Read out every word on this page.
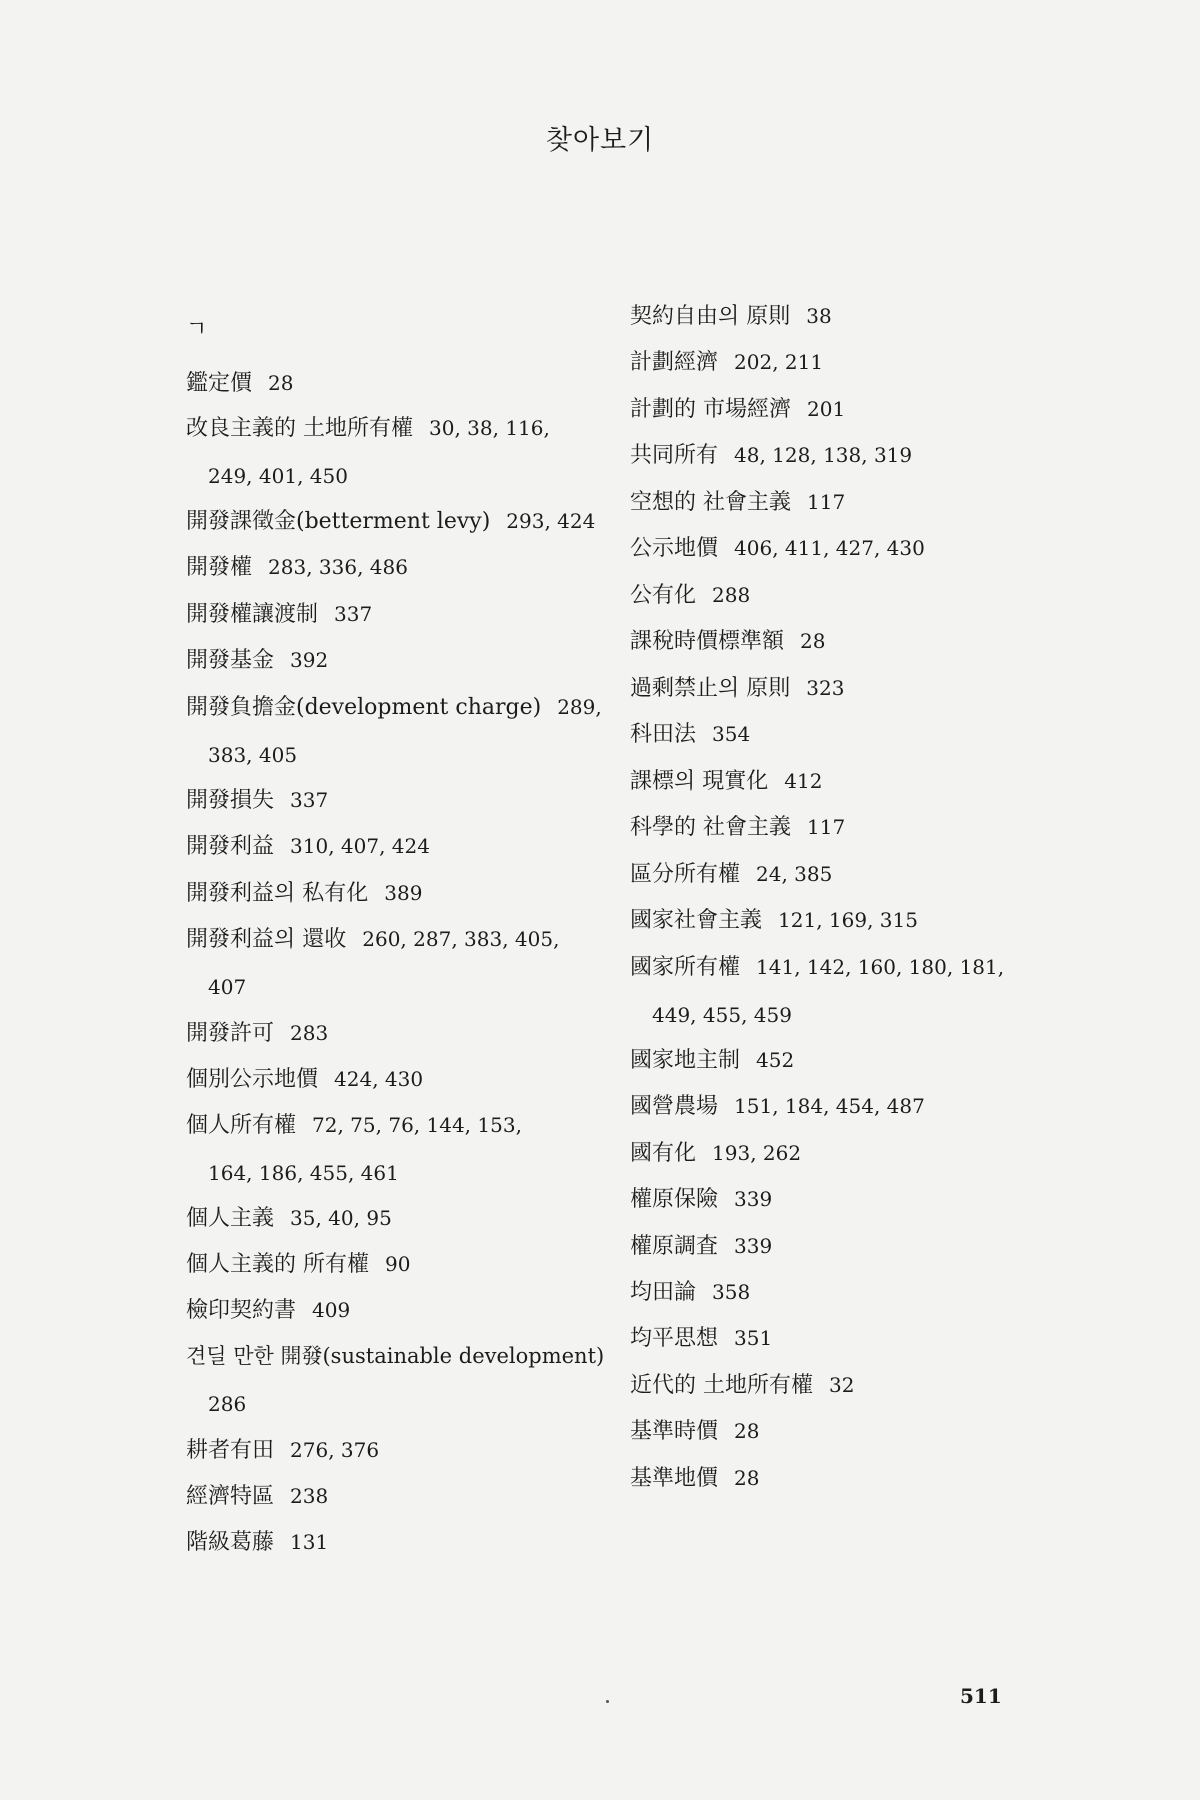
찾아보기
ㄱ
鑑定價 28
改良主義的 土地所有權 30, 38, 116,
249, 401, 450
開發課徵金(betterment levy) 293, 424
開發權 283, 336, 486
開發權讓渡制 337
開發基金 392
開發負擔金(development charge) 289,
383, 405
開發損失 337
開發利益 310, 407, 424
開發利益의 私有化 389
開發利益의 還收 260, 287, 383, 405,
407
開發許可 283
個別公示地價 424, 430
個人所有權 72, 75, 76, 144, 153,
164, 186, 455, 461
個人主義 35, 40, 95
個人主義的 所有權 90
檢印契約書 409
견딜 만한 開發(sustainable development)
286
耕者有田 276, 376
經濟特區 238
階級葛藤 131
契約自由의 原則 38
計劃經濟 202, 211
計劃的 市場經濟 201
共同所有 48, 128, 138, 319
空想的 社會主義 117
公示地價 406, 411, 427, 430
公有化 288
課稅時價標準額 28
過剩禁止의 原則 323
科田法 354
課標의 現實化 412
科學的 社會主義 117
區分所有權 24, 385
國家社會主義 121, 169, 315
國家所有權 141, 142, 160, 180, 181,
449, 455, 459
國家地主制 452
國營農場 151, 184, 454, 487
國有化 193, 262
權原保險 339
權原調査 339
均田論 358
均平思想 351
近代的 土地所有權 32
基準時價 28
基準地價 28
511
